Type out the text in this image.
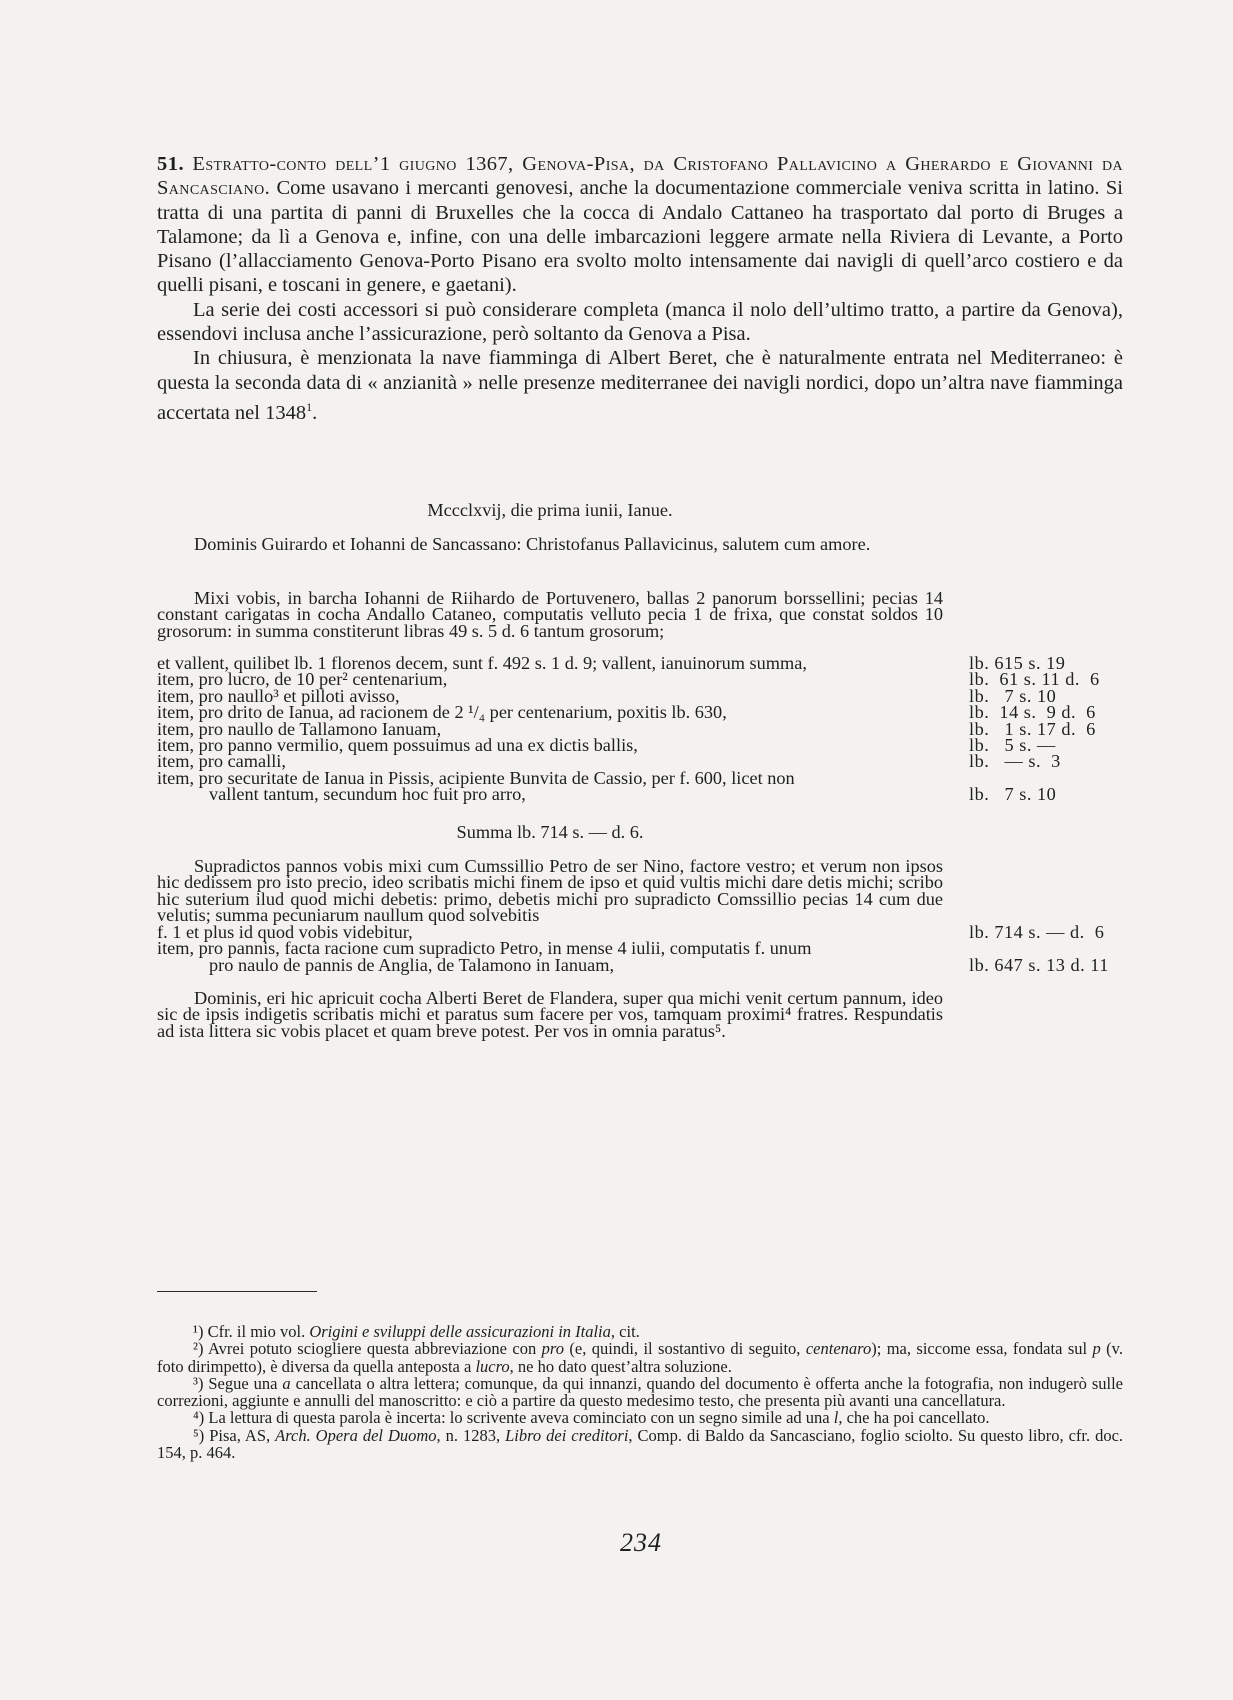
51. Estratto-conto dell’1 giugno 1367, Genova-Pisa, da Cristofano Pallavicino a Gherardo e Giovanni da Sancasciano. Come usavano i mercanti genovesi, anche la documentazione commerciale veniva scritta in latino. Si tratta di una partita di panni di Bruxelles che la cocca di Andalo Cattaneo ha trasportato dal porto di Bruges a Talamone; da lì a Genova e, infine, con una delle imbarcazioni leggere armate nella Riviera di Levante, a Porto Pisano (l’allacciamento Genova-Porto Pisano era svolto molto intensamente dai navigli di quell’arco costiero e da quelli pisani, e toscani in genere, e gaetani).

La serie dei costi accessori si può considerare completa (manca il nolo dell’ultimo tratto, a partire da Genova), essendovi inclusa anche l’assicurazione, però soltanto da Genova a Pisa.

In chiusura, è menzionata la nave fiamminga di Albert Beret, che è naturalmente entrata nel Mediterraneo: è questa la seconda data di « anzianità » nelle presenze mediterranee dei navigli nordici, dopo un’altra nave fiamminga accertata nel 1348$^1$.

Mccclxvij, die prima iunii, Ianue.
Dominis Guirardo et Iohanni de Sancassano: Christofanus Pallavicinus, salutem cum amore.
Mixi vobis, in barcha Iohanni de Riihardo de Portuvenero, ballas 2 panorum borssellini; pecias 14 constant carigatas in cocha Andallo Cataneo, computatis velluto pecia 1 de frixa, que constat soldos 10 grosorum: in summa constiterunt libras 49 s. 5 d. 6 tantum grosorum;
et vallent, quilibet lb. 1 florenos decem, sunt f. 492 s. 1 d. 9; vallent, ianuinorum summa,	lb. 615 s. 19
item, pro lucro, de 10 per² centenarium,	lb.  61 s. 11 d.  6
item, pro naullo³ et pilloti avisso,	lb.   7 s. 10
item, pro drito de Ianua, ad racionem de 2 ¹/₄ per centenarium, poxitis lb. 630,	lb.  14 s.  9 d.  6
item, pro naullo de Tallamono Ianuam,	lb.   1 s. 17 d.  6
item, pro panno vermilio, quem possuimus ad una ex dictis ballis,	lb.   5 s. —
item, pro camalli,	lb.   — s.  3
item, pro securitate de Ianua in Pissis, acipiente Bunvita de Cassio, per f. 600, licet non
vallent tantum, secundum hoc fuit pro arro,	lb.   7 s. 10
Summa lb. 714 s. — d. 6.
Supradictos pannos vobis mixi cum Cumssillio Petro de ser Nino, factore vestro; et verum non ipsos hic dedissem pro isto precio, ideo scribatis michi finem de ipso et quid vultis michi dare detis michi; scribo hic suterium ilud quod michi debetis: primo, debetis michi pro supradicto Comssillio pecias 14 cum due velutis; summa pecuniarum naullum quod solvebitis
f. 1 et plus id quod vobis videbitur,	lb. 714 s. — d.  6
item, pro pannis, facta racione cum supradicto Petro, in mense 4 iulii, computatis f. unum
pro naulo de pannis de Anglia, de Talamono in Ianuam,	lb. 647 s. 13 d. 11
Dominis, eri hic apricuit cocha Alberti Beret de Flandera, super qua michi venit certum pannum, ideo sic de ipsis indigetis scribatis michi et paratus sum facere per vos, tamquam proximi⁴ fratres. Respundatis ad ista littera sic vobis placet et quam breve potest. Per vos in omnia paratus⁵.

¹) Cfr. il mio vol. Origini e sviluppi delle assicurazioni in Italia, cit.

²) Avrei potuto sciogliere questa abbreviazione con pro (e, quindi, il sostantivo di seguito, centenaro); ma, siccome essa, fondata sul p (v. foto dirimpetto), è diversa da quella anteposta a lucro, ne ho dato quest’altra soluzione.

³) Segue una a cancellata o altra lettera; comunque, da qui innanzi, quando del documento è offerta anche la fotografia, non indugerò sulle correzioni, aggiunte e annulli del manoscritto: e ciò a partire da questo medesimo testo, che presenta più avanti una cancellatura.

⁴) La lettura di questa parola è incerta: lo scrivente aveva cominciato con un segno simile ad una l, che ha poi cancellato.

⁵) Pisa, AS, Arch. Opera del Duomo, n. 1283, Libro dei creditori, Comp. di Baldo da Sancasciano, foglio sciolto. Su questo libro, cfr. doc. 154, p. 464.

234
